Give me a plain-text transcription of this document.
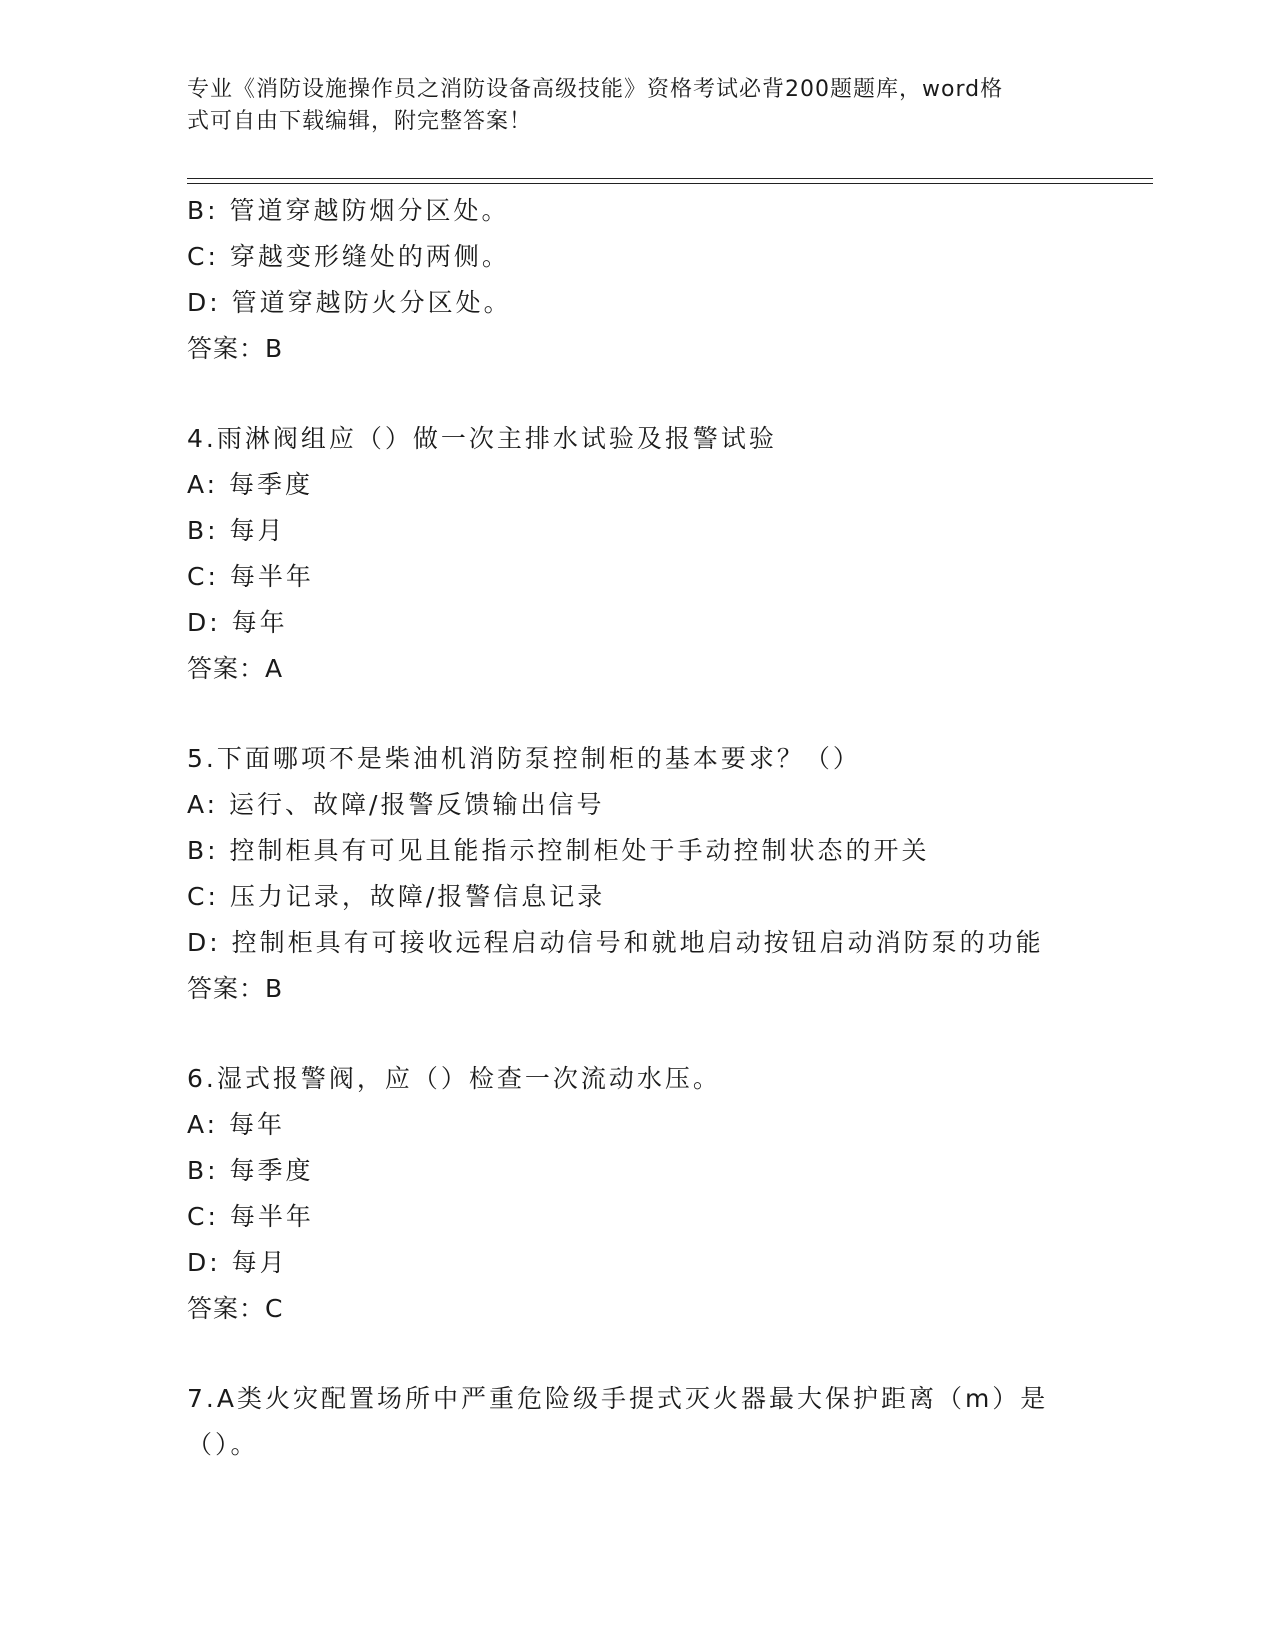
专业《消防设施操作员之消防设备高级技能》资格考试必背200题题库，word格
式可自由下载编辑，附完整答案！
B: 管道穿越防烟分区处。
C: 穿越变形缝处的两侧。
D: 管道穿越防火分区处。
答案：B
4.雨淋阀组应（）做一次主排水试验及报警试验
A: 每季度
B: 每月
C: 每半年
D: 每年
答案：A
5.下面哪项不是柴油机消防泵控制柜的基本要求？（）
A: 运行、故障/报警反馈输出信号
B: 控制柜具有可见且能指示控制柜处于手动控制状态的开关
C: 压力记录，故障/报警信息记录
D: 控制柜具有可接收远程启动信号和就地启动按钮启动消防泵的功能
答案：B
6.湿式报警阀，应（）检查一次流动水压。
A: 每年
B: 每季度
C: 每半年
D: 每月
答案：C
7.A类火灾配置场所中严重危险级手提式灭火器最大保护距离（m）是
（）。
